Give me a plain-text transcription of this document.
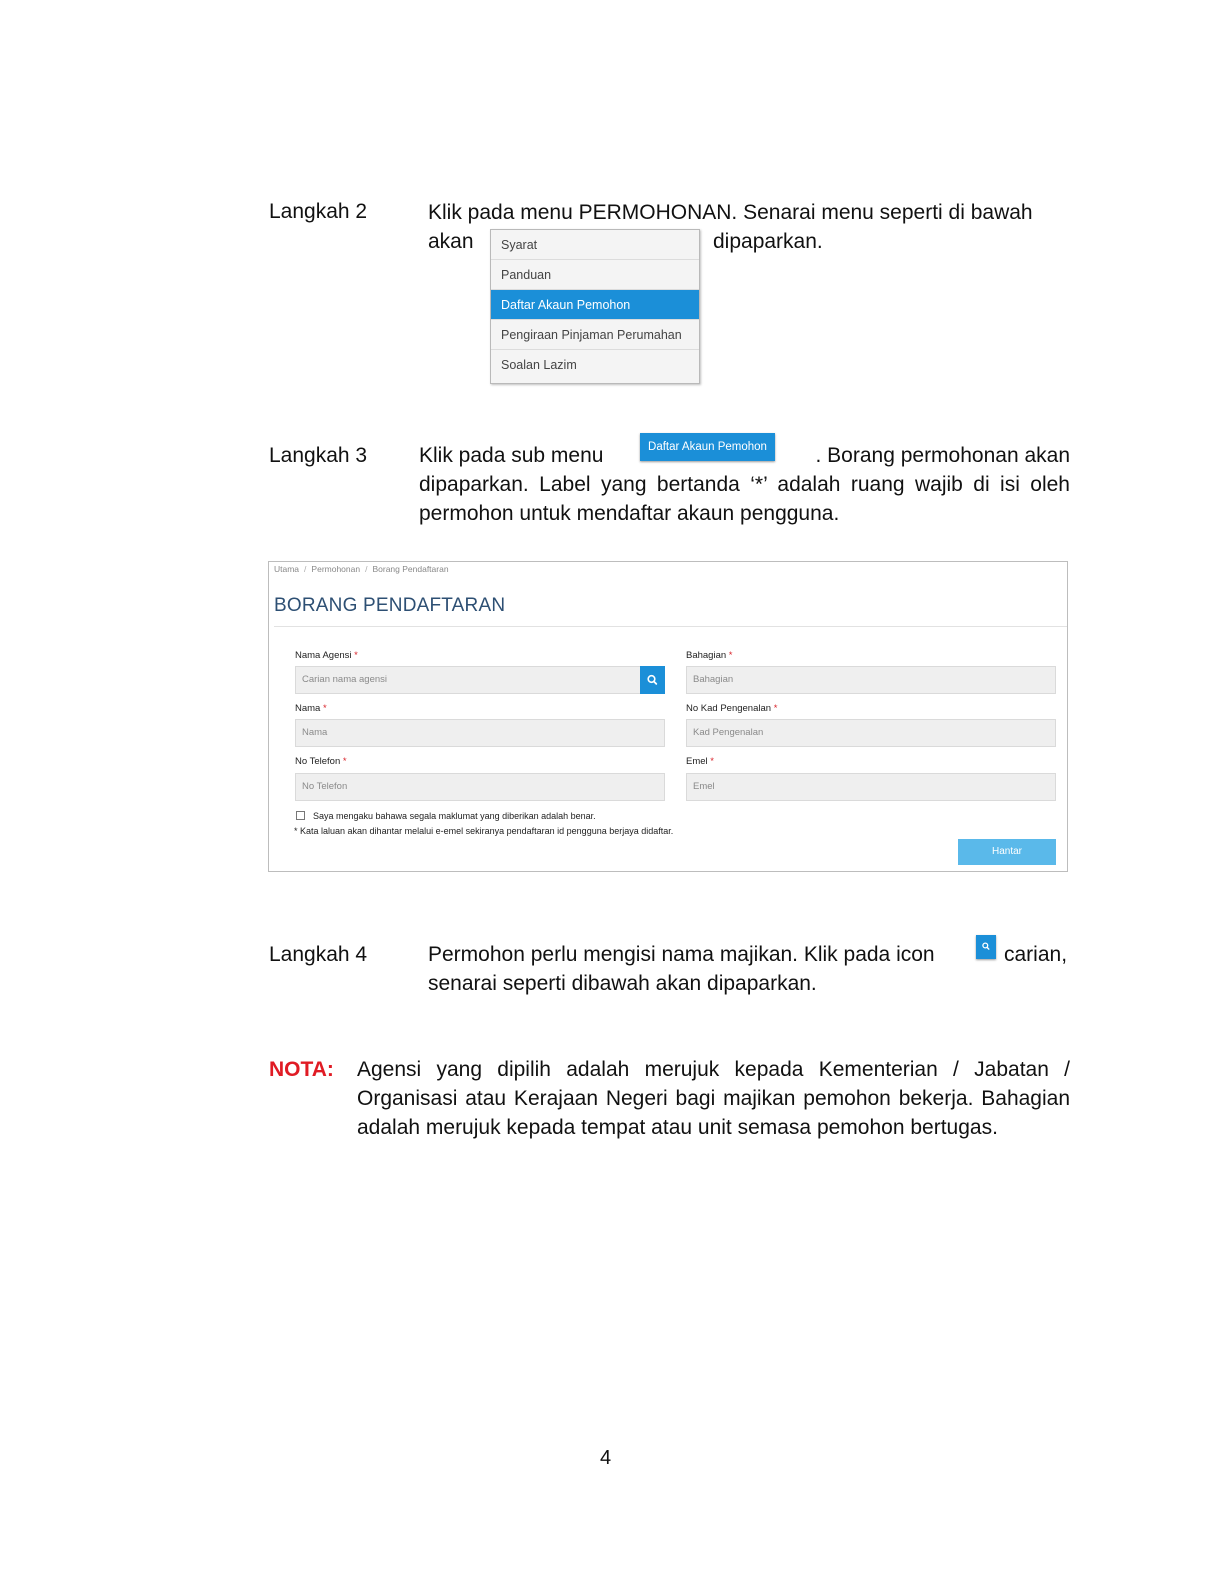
Langkah 2	Klik pada menu PERMOHONAN. Senarai menu seperti di bawah
akan	dipaparkan.
Syarat
Panduan
Daftar Akaun Pemohon
Pengiraan Pinjaman Perumahan
Soalan Lazim
Langkah 3 Klik pada sub menu	Daftar Akaun Pemohon	. Borang permohonan akan
dipaparkan. Label yang bertanda ‘*’ adalah ruang wajib di isi oleh permohon untuk mendaftar akaun pengguna.
Utama / Permohonan / Borang Pendaftaran
BORANG PENDAFTARAN
Nama Agensi *
Carian nama agensi
Bahagian *
Bahagian
Nama *
Nama
No Kad Pengenalan *
Kad Pengenalan
No Telefon *
No Telefon
Emel *
Emel
Saya mengaku bahawa segala maklumat yang diberikan adalah benar.
* Kata laluan akan dihantar melalui e-emel sekiranya pendaftaran id pengguna berjaya didaftar.
Hantar
Langkah 4	Permohon perlu mengisi nama majikan. Klik pada icon	carian,
senarai seperti dibawah akan dipaparkan.
NOTA: Agensi yang dipilih adalah merujuk kepada Kementerian / Jabatan / Organisasi atau Kerajaan Negeri bagi majikan pemohon bekerja. Bahagian adalah merujuk kepada tempat atau unit semasa pemohon bertugas.
4
